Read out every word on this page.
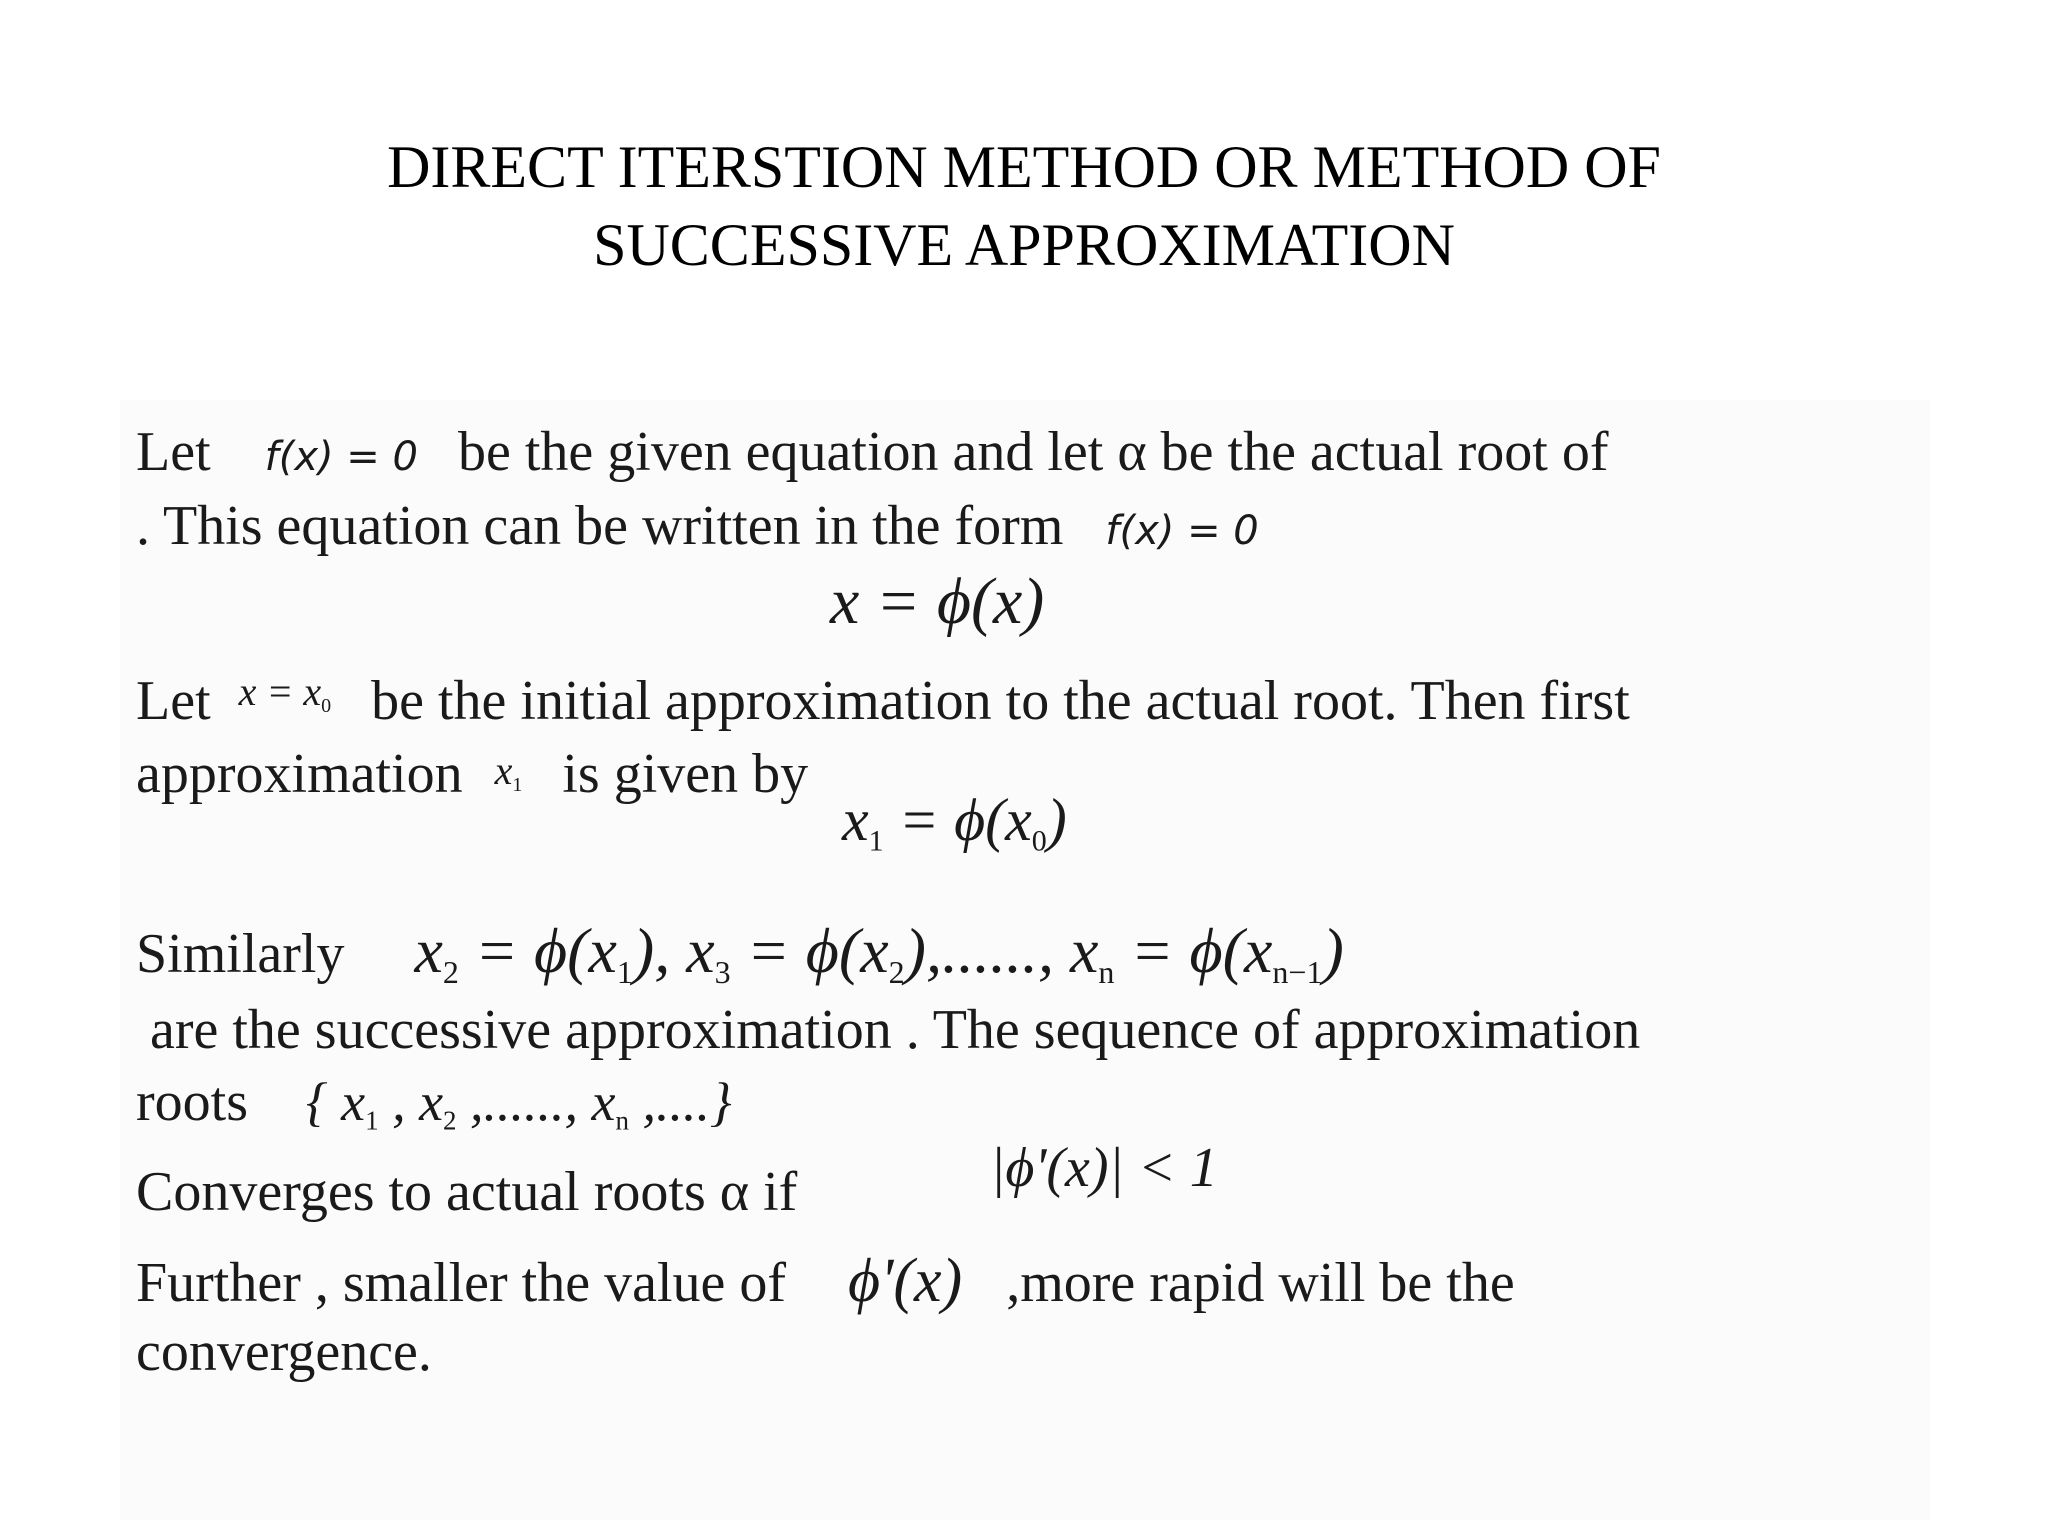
DIRECT ITERSTION METHOD OR METHOD OF
SUCCESSIVE APPROXIMATION
Let f(x) = 0 be the given equation and let α be the actual root of
. This equation can be written in the form f(x) = 0
x = ϕ(x)
Let $^{x = x_0}$ be the initial approximation to the actual root. Then first
approximation $x_1$ is given by
$x_1 = \phi(x_0)$
Similarly $x_2 = \phi(x_1)$, $x_3 = \phi(x_2)$,......, $x_n = \phi(x_{n-1})$
are the successive approximation . The sequence of approximation
roots { $x_1$ , $x_2$ ,......, $x_n$ ,....}
Converges to actual roots α if	|ϕ'(x)| < 1
Further , smaller the value of ϕ'(x) ,more rapid will be the
convergence.
